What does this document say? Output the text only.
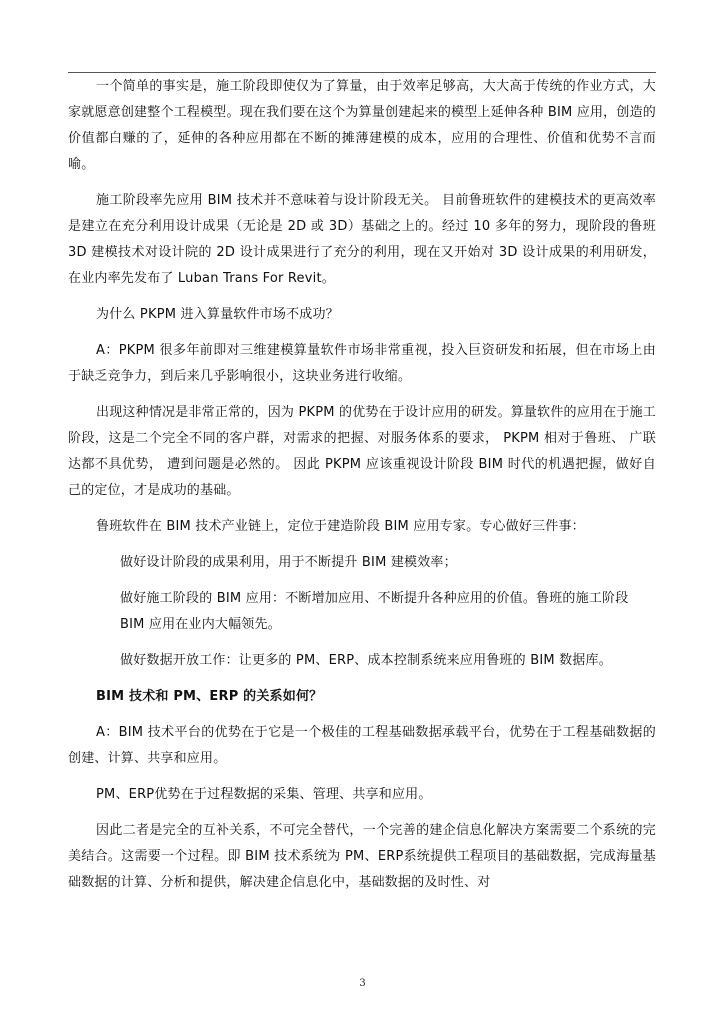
一个简单的事实是，施工阶段即使仅为了算量，由于效率足够高，大大高于传统的作业方式，大家就愿意创建整个工程模型。现在我们要在这个为算量创建起来的模型上延伸各种 BIM 应用，创造的价值都白赚的了，延伸的各种应用都在不断的摊薄建模的成本，应用的合理性、价值和优势不言而喻。

施工阶段率先应用 BIM 技术并不意味着与设计阶段无关。 目前鲁班软件的建模技术的更高效率是建立在充分利用设计成果（无论是 2D 或 3D）基础之上的。经过 10 多年的努力，现阶段的鲁班 3D 建模技术对设计院的 2D 设计成果进行了充分的利用，现在又开始对 3D 设计成果的利用研发，在业内率先发布了 Luban Trans For Revit。

为什么 PKPM 进入算量软件市场不成功？

A：PKPM 很多年前即对三维建模算量软件市场非常重视，投入巨资研发和拓展，但在市场上由于缺乏竞争力，到后来几乎影响很小，这块业务进行收缩。

出现这种情况是非常正常的，因为 PKPM 的优势在于设计应用的研发。算量软件的应用在于施工阶段，这是二个完全不同的客户群，对需求的把握、对服务体系的要求， PKPM 相对于鲁班、 广联达都不具优势， 遭到问题是必然的。 因此 PKPM 应该重视设计阶段 BIM 时代的机遇把握，做好自己的定位，才是成功的基础。

鲁班软件在 BIM 技术产业链上，定位于建造阶段 BIM 应用专家。专心做好三件事：

做好设计阶段的成果利用，用于不断提升 BIM 建模效率；

做好施工阶段的 BIM 应用：不断增加应用、不断提升各种应用的价值。鲁班的施工阶段 BIM 应用在业内大幅领先。

做好数据开放工作：让更多的 PM、ERP、成本控制系统来应用鲁班的 BIM 数据库。

BIM 技术和 PM、ERP 的关系如何？

A：BIM 技术平台的优势在于它是一个极佳的工程基础数据承载平台，优势在于工程基础数据的创建、计算、共享和应用。

PM、ERP优势在于过程数据的采集、管理、共享和应用。

因此二者是完全的互补关系，不可完全替代，一个完善的建企信息化解决方案需要二个系统的完美结合。这需要一个过程。即 BIM 技术系统为 PM、ERP系统提供工程项目的基础数据，完成海量基础数据的计算、分析和提供，解决建企信息化中，基础数据的及时性、对

3
